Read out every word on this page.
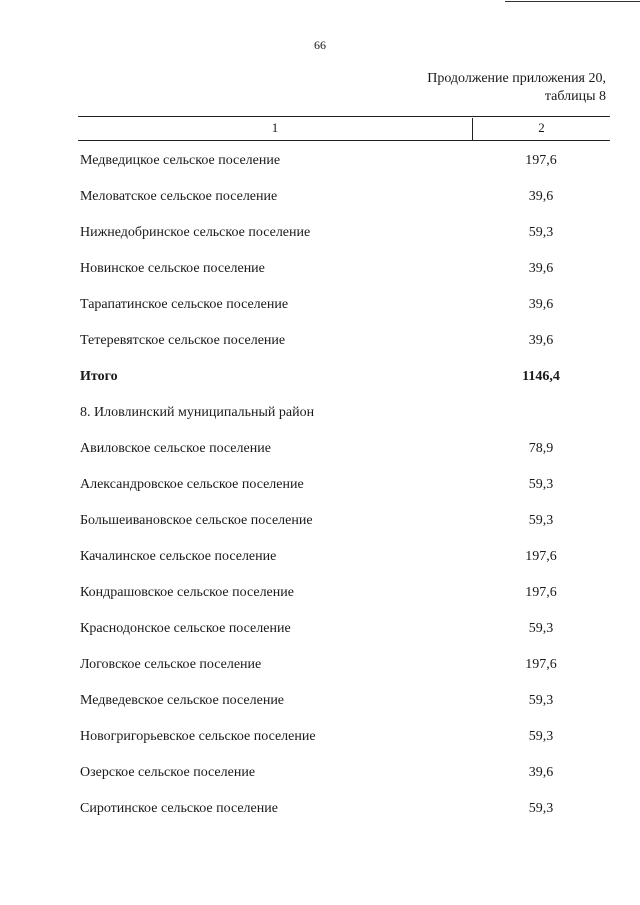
66
Продолжение приложения 20,
таблицы 8
1	2
Медведицкое сельское поселение	197,6
Меловатское сельское поселение	39,6
Нижнедобринское сельское поселение	59,3
Новинское сельское поселение	39,6
Тарапатинское сельское поселение	39,6
Тетеревятское сельское поселение	39,6
Итого	1146,4
8. Иловлинский муниципальный район
Авиловское сельское поселение	78,9
Александровское сельское поселение	59,3
Большеивановское сельское поселение	59,3
Качалинское сельское поселение	197,6
Кондрашовское сельское поселение	197,6
Краснодонское сельское поселение	59,3
Логовское сельское поселение	197,6
Медведевское сельское поселение	59,3
Новогригорьевское сельское поселение	59,3
Озерское сельское поселение	39,6
Сиротинское сельское поселение	59,3
